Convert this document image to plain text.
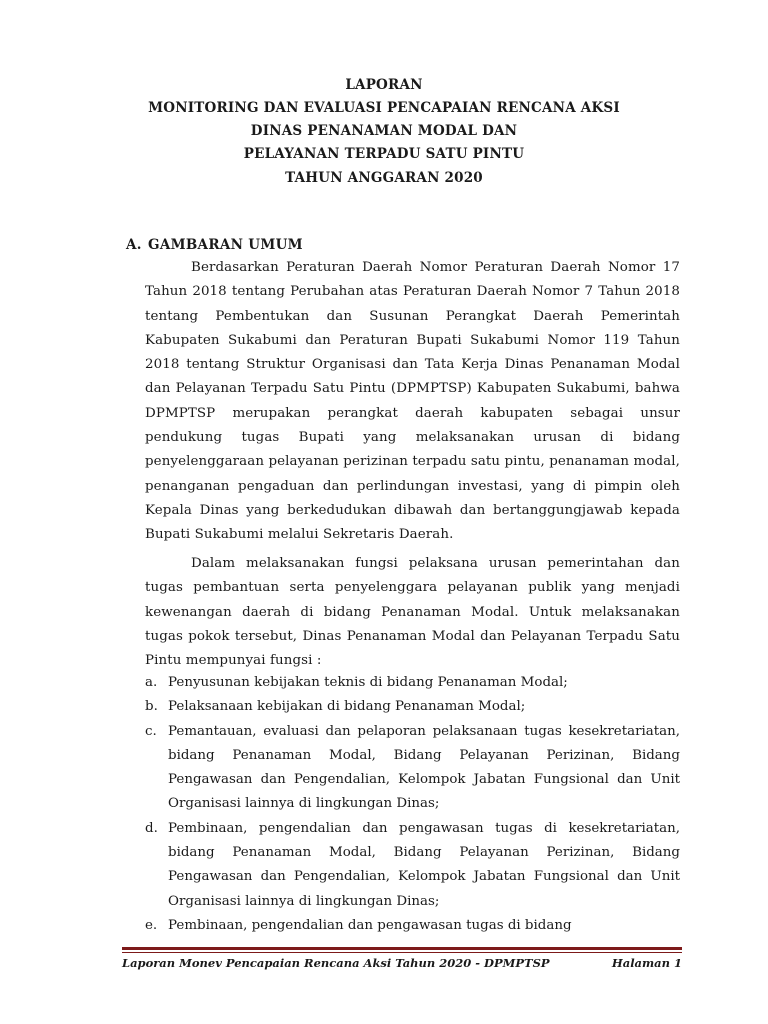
LAPORAN
MONITORING DAN EVALUASI PENCAPAIAN RENCANA AKSI
DINAS PENANAMAN MODAL DAN
PELAYANAN TERPADU SATU PINTU
TAHUN ANGGARAN 2020
A. GAMBARAN UMUM

Berdasarkan Peraturan Daerah Nomor Peraturan Daerah Nomor 17 Tahun 2018 tentang Perubahan atas Peraturan Daerah Nomor 7 Tahun 2018 tentang Pembentukan dan Susunan Perangkat Daerah Pemerintah Kabupaten Sukabumi dan Peraturan Bupati Sukabumi Nomor 119 Tahun 2018 tentang Struktur Organisasi dan Tata Kerja Dinas Penanaman Modal dan Pelayanan Terpadu Satu Pintu (DPMPTSP) Kabupaten Sukabumi, bahwa DPMPTSP merupakan perangkat daerah kabupaten sebagai unsur pendukung tugas Bupati yang melaksanakan urusan di bidang penyelenggaraan pelayanan perizinan terpadu satu pintu, penanaman modal, penanganan pengaduan dan perlindungan investasi, yang di pimpin oleh Kepala Dinas yang berkedudukan dibawah dan bertanggungjawab kepada Bupati Sukabumi melalui Sekretaris Daerah.

Dalam melaksanakan fungsi pelaksana urusan pemerintahan dan tugas pembantuan serta penyelenggara pelayanan publik yang menjadi kewenangan daerah di bidang Penanaman Modal. Untuk melaksanakan tugas pokok tersebut, Dinas Penanaman Modal dan Pelayanan Terpadu Satu Pintu mempunyai fungsi :

a. Penyusunan kebijakan teknis di bidang Penanaman Modal;
b. Pelaksanaan kebijakan di bidang Penanaman Modal;
c. Pemantauan, evaluasi dan pelaporan pelaksanaan tugas kesekretariatan, bidang Penanaman Modal, Bidang Pelayanan Perizinan, Bidang Pengawasan dan Pengendalian, Kelompok Jabatan Fungsional dan Unit Organisasi lainnya di lingkungan Dinas;
d. Pembinaan, pengendalian dan pengawasan tugas di kesekretariatan, bidang Penanaman Modal, Bidang Pelayanan Perizinan, Bidang Pengawasan dan Pengendalian, Kelompok Jabatan Fungsional dan Unit Organisasi lainnya di lingkungan Dinas;
e. Pembinaan, pengendalian dan pengawasan tugas di bidang
Laporan Monev Pencapaian Rencana Aksi Tahun 2020 - DPMPTSP	Halaman 1
